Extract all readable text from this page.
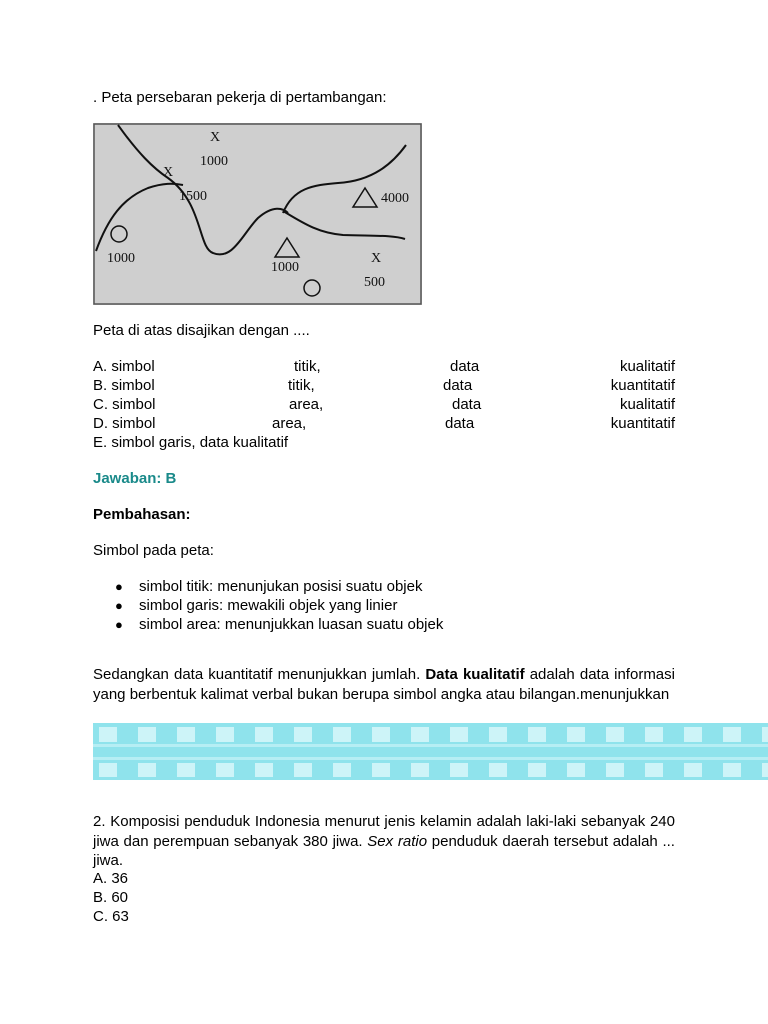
. Peta persebaran pekerja di pertambangan:

X
1000
X
1500	4000
1000
1000
X
500

Peta di atas disajikan dengan ....

A. simbol	titik,	data	kualitatif
B. simbol	titik,	data	kuantitatif
C. simbol	area,	data	kualitatif
D. simbol	area,	data	kuantitatif

E. simbol garis, data kualitatif

Jawaban: B

Pembahasan:

Simbol pada peta:

● simbol titik: menunjukan posisi suatu objek
● simbol garis: mewakili objek yang linier
● simbol area: menunjukkan luasan suatu objek

Sedangkan data kuantitatif menunjukkan jumlah. Data kualitatif adalah data informasi yang berbentuk kalimat verbal bukan berupa simbol angka atau bilangan.menunjukkan

2. Komposisi penduduk Indonesia menurut jenis kelamin adalah laki-laki sebanyak 240 jiwa dan perempuan sebanyak 380 jiwa. Sex ratio penduduk daerah tersebut adalah ... jiwa.

A. 36

B. 60

C. 63
